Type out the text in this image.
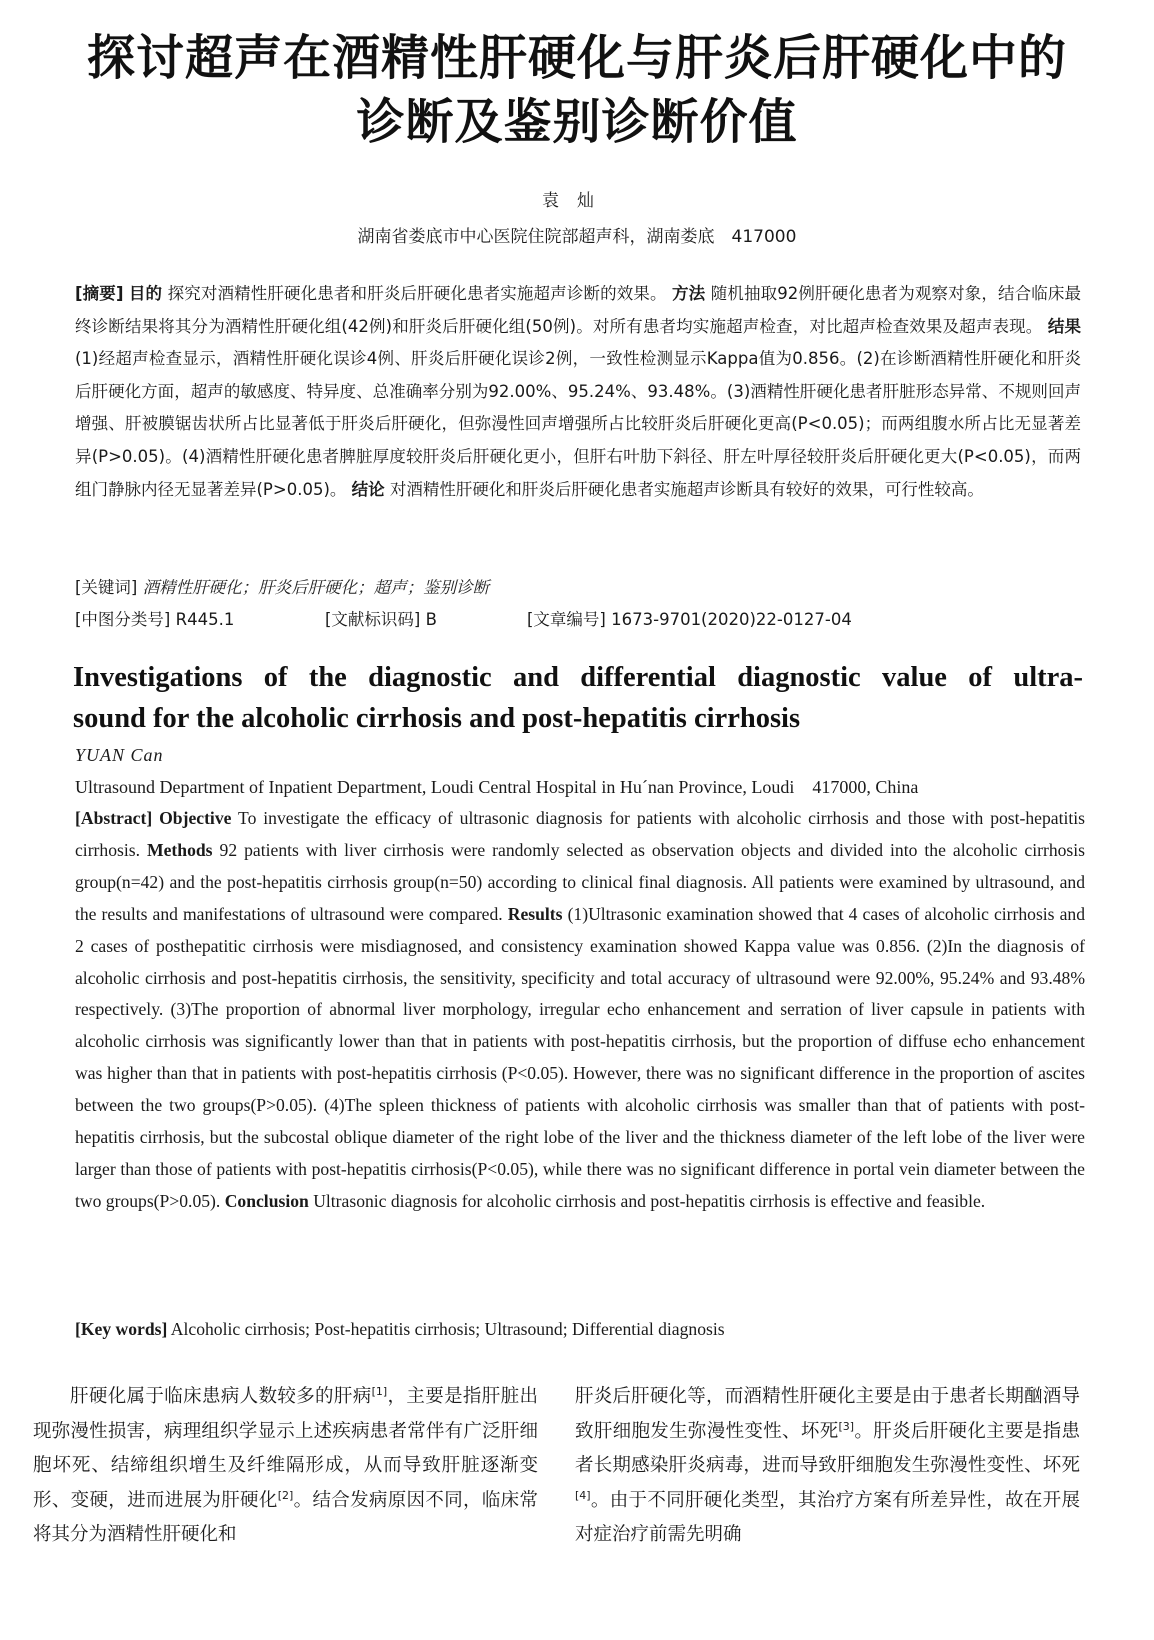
探讨超声在酒精性肝硬化与肝炎后肝硬化中的
诊断及鉴别诊断价值
袁灿
湖南省娄底市中心医院住院部超声科，湖南娄底　417000
[摘要] 目的 探究对酒精性肝硬化患者和肝炎后肝硬化患者实施超声诊断的效果。 方法 随机抽取92例肝硬化患者为观察对象，结合临床最终诊断结果将其分为酒精性肝硬化组(42例)和肝炎后肝硬化组(50例)。对所有患者均实施超声检查，对比超声检查效果及超声表现。 结果 (1)经超声检查显示，酒精性肝硬化误诊4例、肝炎后肝硬化误诊2例，一致性检测显示Kappa值为0.856。(2)在诊断酒精性肝硬化和肝炎后肝硬化方面，超声的敏感度、特异度、总准确率分别为92.00%、95.24%、93.48%。(3)酒精性肝硬化患者肝脏形态异常、不规则回声增强、肝被膜锯齿状所占比显著低于肝炎后肝硬化，但弥漫性回声增强所占比较肝炎后肝硬化更高(P<0.05)；而两组腹水所占比无显著差异(P>0.05)。(4)酒精性肝硬化患者脾脏厚度较肝炎后肝硬化更小，但肝右叶肋下斜径、肝左叶厚径较肝炎后肝硬化更大(P<0.05)，而两组门静脉内径无显著差异(P>0.05)。 结论 对酒精性肝硬化和肝炎后肝硬化患者实施超声诊断具有较好的效果，可行性较高。
[关键词] 酒精性肝硬化；肝炎后肝硬化；超声；鉴别诊断
[中图分类号] R445.1	[文献标识码] B	[文章编号] 1673-9701(2020)22-0127-04
Investigations of the diagnostic and differential diagnostic value of ultra-
sound for the alcoholic cirrhosis and post-hepatitis cirrhosis
YUAN Can
Ultrasound Department of Inpatient Department, Loudi Central Hospital in Hu´nan Province, Loudi　417000, China
[Abstract] Objective To investigate the efficacy of ultrasonic diagnosis for patients with alcoholic cirrhosis and those with post-hepatitis cirrhosis. Methods 92 patients with liver cirrhosis were randomly selected as observation objects and divided into the alcoholic cirrhosis group(n=42) and the post-hepatitis cirrhosis group(n=50) according to clinical final diagnosis. All patients were examined by ultrasound, and the results and manifestations of ultrasound were compared. Results (1)Ultrasonic examination showed that 4 cases of alcoholic cirrhosis and 2 cases of posthepatitic cirrhosis were misdiagnosed, and consistency examination showed Kappa value was 0.856. (2)In the diagnosis of alcoholic cirrhosis and post-hepatitis cirrhosis, the sensitivity, specificity and total accuracy of ultrasound were 92.00%, 95.24% and 93.48% respectively. (3)The proportion of abnormal liver morphology, irregular echo enhancement and serration of liver capsule in patients with alcoholic cirrhosis was significantly lower than that in patients with post-hepatitis cirrhosis, but the proportion of diffuse echo enhancement was higher than that in patients with post-hepatitis cirrhosis (P<0.05). However, there was no significant difference in the proportion of ascites between the two groups(P>0.05). (4)The spleen thickness of patients with alcoholic cirrhosis was smaller than that of patients with post-hepatitis cirrhosis, but the subcostal oblique diameter of the right lobe of the liver and the thickness diameter of the left lobe of the liver were larger than those of patients with post-hepatitis cirrhosis(P<0.05), while there was no significant difference in portal vein diameter between the two groups(P>0.05). Conclusion Ultrasonic diagnosis for alcoholic cirrhosis and post-hepatitis cirrhosis is effective and feasible.
[Key words] Alcoholic cirrhosis; Post-hepatitis cirrhosis; Ultrasound; Differential diagnosis
肝硬化属于临床患病人数较多的肝病[1]，主要是指肝脏出现弥漫性损害，病理组织学显示上述疾病患者常伴有广泛肝细胞坏死、结缔组织增生及纤维隔形成，从而导致肝脏逐渐变形、变硬，进而进展为肝硬化[2]。结合发病原因不同，临床常将其分为酒精性肝硬化和
肝炎后肝硬化等，而酒精性肝硬化主要是由于患者长期酗酒导致肝细胞发生弥漫性变性、坏死[3]。肝炎后肝硬化主要是指患者长期感染肝炎病毒，进而导致肝细胞发生弥漫性变性、坏死[4]。由于不同肝硬化类型，其治疗方案有所差异性，故在开展对症治疗前需先明确
